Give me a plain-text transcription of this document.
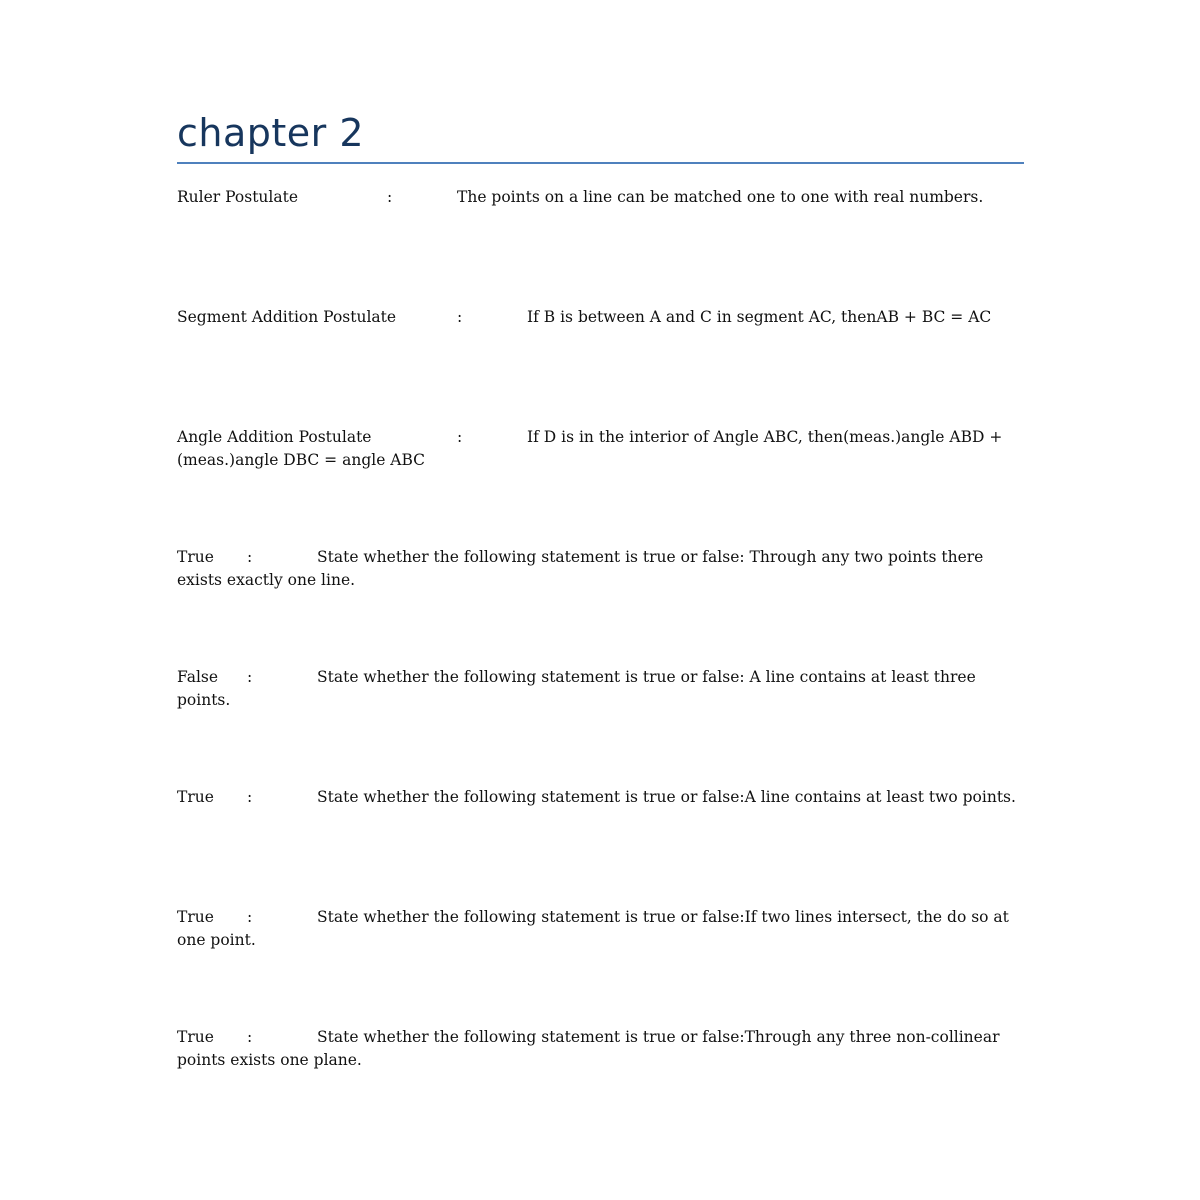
chapter 2

Ruler Postulate		:	The points on a line can be matched one to one with real numbers.

Segment Addition Postulate	:	If B is between A and C in segment AC, thenAB + BC = AC

Angle Addition Postulate		:	If D is in the interior of Angle ABC, then(meas.)angle ABD + (meas.)angle DBC = angle ABC

True	:	State whether the following statement is true or false: Through any two points there exists exactly one line.

False	:	State whether the following statement is true or false: A line contains at least three points.

True	:	State whether the following statement is true or false:A line contains at least two points.

True	:	State whether the following statement is true or false:If two lines intersect, the do so at one point.

True	:	State whether the following statement is true or false:Through any three non-collinear points exists one plane.
